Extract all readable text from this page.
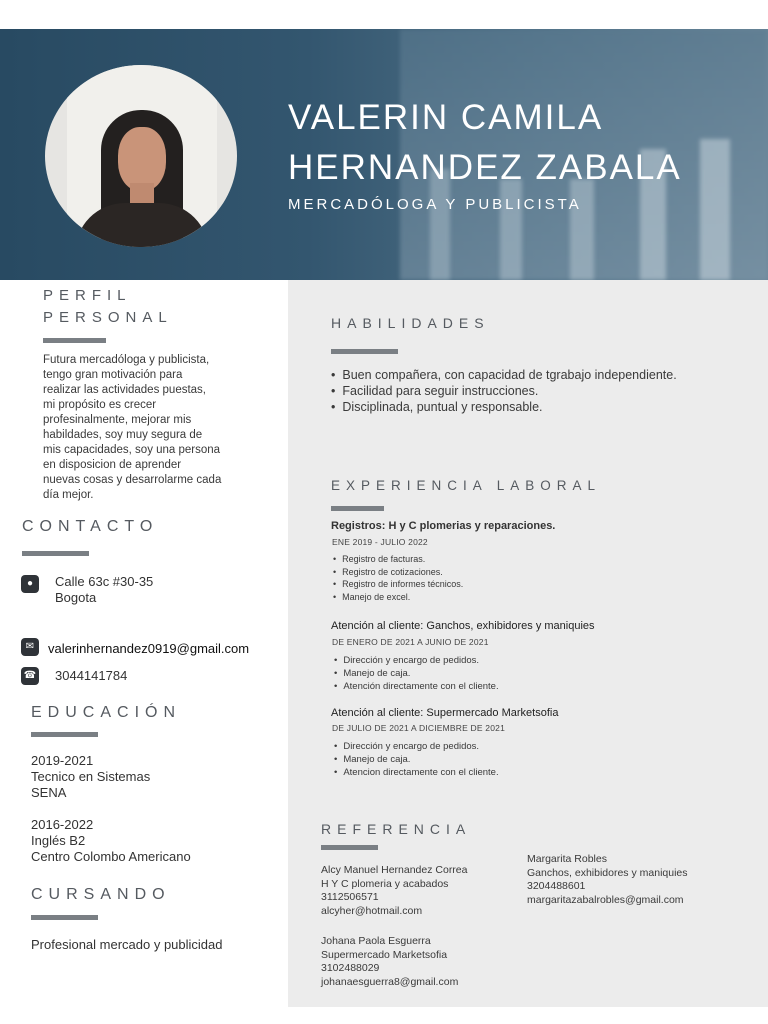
VALERIN CAMILA
HERNANDEZ ZABALA
MERCADÓLOGA Y PUBLICISTA
PERFIL
PERSONAL
Futura mercadóloga y publicista,
tengo gran motivación para
realizar las actividades puestas,
mi propósito es crecer
profesinalmente, mejorar mis
habildades, soy muy segura de
mis capacidades, soy una persona
en disposicion de aprender
nuevas cosas y desarrolarme cada
día mejor.
CONTACTO
●	Calle 63c #30-35
Bogota
✉	valerinhernandez0919@gmail.com
☎ 3044141784
EDUCACIÓN
2019-2021
Tecnico en Sistemas
SENA
2016-2022
Inglés B2
Centro Colombo Americano
CURSANDO
Profesional mercado y publicidad
HABILIDADES
• Buen compañera, con capacidad de tgrabajo independiente.
• Facilidad para seguir instrucciones.
• Disciplinada, puntual y responsable.
EXPERIENCIA LABORAL
Registros: H y C plomerias y reparaciones.
ENE 2019 - JULIO 2022
• Registro de facturas.
• Registro de cotizaciones.
• Registro de informes técnicos.
• Manejo de excel.
Atención al cliente: Ganchos, exhibidores y maniquies
DE ENERO DE 2021 A JUNIO DE 2021
• Dirección y encargo de pedidos.
• Manejo de caja.
• Atención directamente con el cliente.
Atención al cliente: Supermercado Marketsofia
DE JULIO DE 2021 A DICIEMBRE DE 2021
• Dirección y encargo de pedidos.
• Manejo de caja.
• Atencion directamente con el cliente.
REFERENCIA
Alcy Manuel Hernandez Correa
H Y C plomeria y acabados
3112506571
alcyher@hotmail.com
Margarita Robles
Ganchos, exhibidores y maniquies
3204488601
margaritazabalrobles@gmail.com
Johana Paola Esguerra
Supermercado Marketsofia
3102488029
johanaesguerra8@gmail.com
